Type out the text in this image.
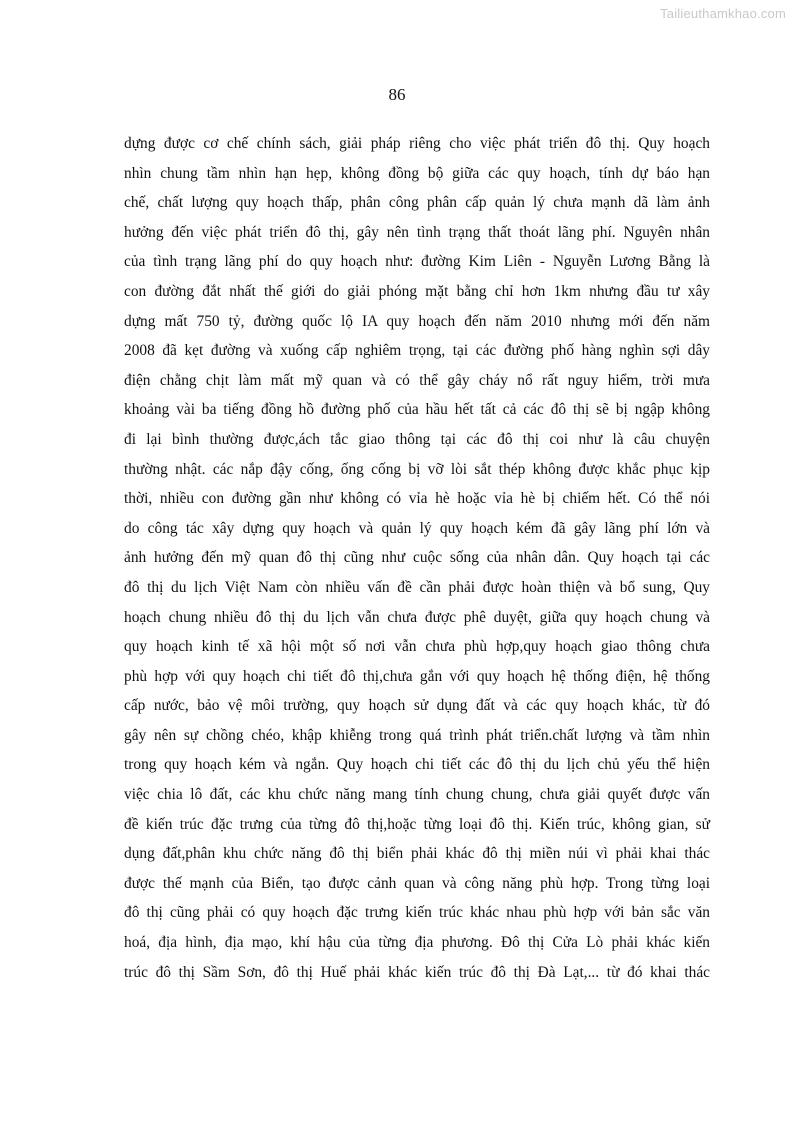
Tailieuthamkhao.com
86
dựng được cơ chế chính sách, giải pháp riêng cho việc phát triển đô thị. Quy hoạch
nhìn chung tầm nhìn hạn hẹp, không đồng bộ giữa các quy hoạch, tính dự báo hạn
chế, chất lượng quy hoạch thấp, phân công phân cấp quản lý chưa mạnh dã làm ảnh
hưởng đến việc phát triển đô thị, gây nên tình trạng thất thoát lãng phí. Nguyên nhân
của tình trạng lãng phí do quy hoạch như: đường Kim Liên - Nguyễn Lương Bằng là
con đường đắt nhất thế giới do giải phóng mặt bằng chỉ hơn 1km nhưng đầu tư xây
dựng mất 750 tỷ, đường quốc lộ IA quy hoạch đến năm 2010 nhưng mới đến năm
2008 đã kẹt đường và xuống cấp nghiêm trọng, tại các đường phố hàng nghìn sợi dây
điện chằng chịt làm mất mỹ quan và có thể gây cháy nổ rất nguy hiểm, trời mưa
khoảng vài ba tiếng đồng hồ đường phố của hầu hết tất cả các đô thị sẽ bị ngập không
đi lại bình thường được,ách tắc giao thông tại các đô thị coi như là câu chuyện
thường nhật. các nắp đậy cống, ống cống bị vỡ lòi sắt thép không được khắc phục kịp
thời, nhiều con đường gần như không có vỉa hè hoặc vỉa hè bị chiếm hết. Có thể nói
do công tác xây dựng quy hoạch và quản lý quy hoạch kém đã gây lãng phí lớn và
ảnh hưởng đến mỹ quan đô thị cũng như cuộc sống của nhân dân. Quy hoạch tại các
đô thị du lịch Việt Nam còn nhiều vấn đề cần phải được hoàn thiện và bổ sung, Quy
hoạch chung nhiều đô thị du lịch vẫn chưa được phê duyệt, giữa quy hoạch chung và
quy hoạch kinh tế xã hội một số nơi vẫn chưa phù hợp,quy hoạch giao thông chưa
phù hợp với quy hoạch chi tiết đô thị,chưa gắn với quy hoạch hệ thống điện, hệ thống
cấp nước, bảo vệ môi trường, quy hoạch sử dụng đất và các quy hoạch khác, từ đó
gây nên sự chồng chéo, khập khiễng trong quá trình phát triển.chất lượng và tầm nhìn
trong quy hoạch kém và ngắn. Quy hoạch chi tiết các đô thị du lịch chủ yếu thể hiện
việc chia lô đất, các khu chức năng mang tính chung chung, chưa giải quyết được vấn
đề kiến trúc đặc trưng của từng đô thị,hoặc từng loại đô thị. Kiến trúc, không gian, sử
dụng đất,phân khu chức năng đô thị biển phải khác đô thị miền núi vì phải khai thác
được thế mạnh của Biển, tạo được cảnh quan và công năng phù hợp. Trong từng loại
đô thị cũng phải có quy hoạch đặc trưng kiến trúc khác nhau phù hợp với bản sắc văn
hoá, địa hình, địa mạo, khí hậu của từng địa phương. Đô thị Cửa Lò phải khác kiến
trúc đô thị Sầm Sơn, đô thị Huế phải khác kiến trúc đô thị Đà Lạt,... từ đó khai thác
